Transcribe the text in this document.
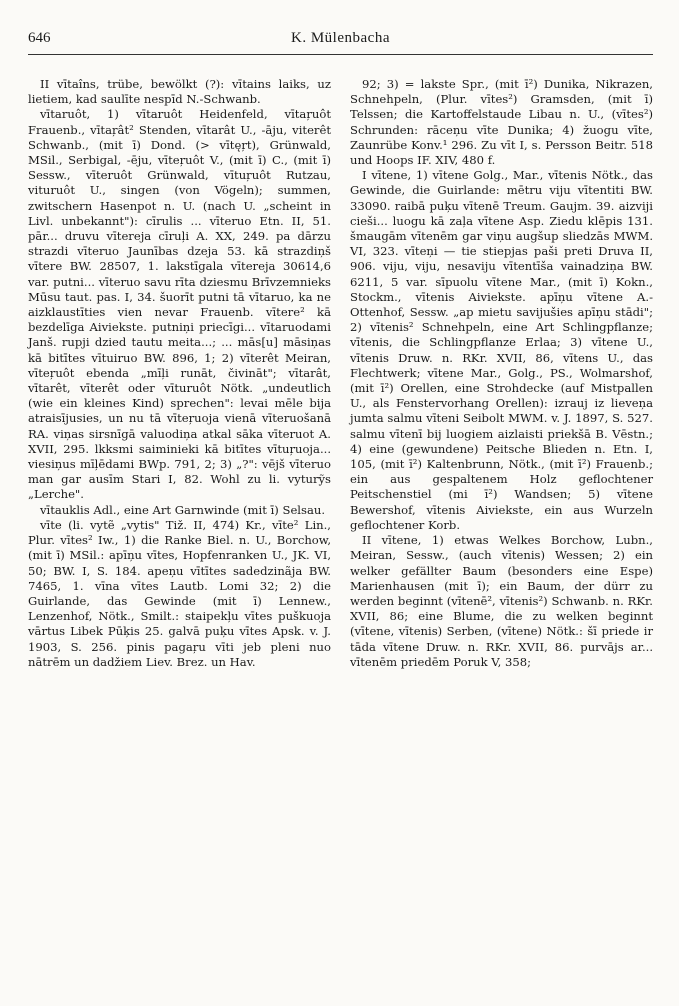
646	K. Mülenbacha

II vītaîns, trübe, bewölkt (?): vītains laiks, uz lietiem, kad saulīte nespīd N.-Schwanb.

vītaruôt, 1) vītaruôt Heidenfeld, vītaŗuôt Frauenb., vītaŗât² Stenden, vītarât U., -āju, viterêt Schwanb., (mit ī) Dond. (> vītęŗt), Grünwald, MSil., Serbigal, -ēju, vīteŗuôt V., (mit ī) C., (mit ī) Sessw., vīteruôt Grünwald, vītuŗuôt Rutzau, vituruôt U., singen (von Vögeln); summen, zwitschern Hasenpot n. U. (nach U. „scheint in Livl. unbekannt"): cīrulis ... vīteruo Etn. II, 51. pār... druvu vītereja cīruļi A. XX, 249. pa dārzu strazdi vīteruo Jaunības dzeja 53. kā strazdiņš vītere BW. 28507, 1. lakstīgala vītereja 30614,6 var. putni... vīteruo savu rīta dziesmu Brīvzemnieks Mūsu taut. pas. I, 34. šuorīt putni tā vītaruo, ka ne aizklaustīties vien nevar Frauenb. vītere² kā bezdelīga Aiviekste. putniņi priecīgi... vītaruodami Janš. rupji dzied tautu meita...; ... mās[u] māsiņas kā bitītes vītuiruo BW. 896, 1; 2) vīterêt Meiran, vīteŗuôt ebenda „mīļi runāt, čivināt"; vītarât, vītarêt, vīterêt oder vīturuôt Nötk. „undeutlich (wie ein kleines Kind) sprechen": levai mēle bija atraisījusies, un nu tā vīteŗuoja vienā vīteruošanā RA. viņas sirsnīgā valuodiņa atkal sāka vīteruot A. XVII, 295. lkksmi saiminieki kā bitītes vītuŗuoja... viesiņus mīļēdami BWp. 791, 2; 3) „?": vējš vīteruo man gar ausīm Stari I, 82. Wohl zu li. vyturỹs „Lerche".

vītauklis Adl., eine Art Garnwinde (mit ī) Selsau.

vīte (li. vytẽ „vytis" Tiž. II, 474) Kr., vīte² Lin., Plur. vītes² Iw., 1) die Ranke Biel. n. U., Borchow, (mit ī) MSil.: apīņu vītes, Hopfenranken U., JK. VI, 50; BW. I, S. 184. apeņu vītītes sadedzinãja BW. 7465, 1. vīna vītes Lautb. Lomi 32; 2) die Guirlande, das Gewinde (mit ī) Lennew., Lenzenhof, Nötk., Smilt.: staipekļu vītes puškuoja vārtus Libek Pūķis 25. galvā puķu vītes Apsk. v. J. 1903, S. 256. pinis pagaŗu vīti jeb pleni nuo nātrēm un dadžiem Liev. Brez. un Hav.

92; 3) = lakste Spr., (mit ī²) Dunika, Nikrazen, Schnehpeln, (Plur. vītes²) Gramsden, (mit ī) Telssen; die Kartoffelstaude Libau n. U., (vītes²) Schrunden: rāceņu vīte Dunika; 4) žuogu vīte, Zaunrübe Konv.¹ 296. Zu vīt I, s. Persson Beitr. 518 und Hoops IF. XIV, 480 f.

I vītene, 1) vītene Golg., Mar., vītenis Nötk., das Gewinde, die Guirlande: mētru viju vītentiti BW. 33090. raibā puķu vītenē Treum. Gaujm. 39. aizviji cieši... luogu kā zaļa vītene Asp. Ziedu klēpis 131. šmaugām vītenēm gar viņu augšup sliedzās MWM. VI, 323. vīteņi — tie stiepjas paši preti Druva II, 906. viju, viju, nesaviju vītentīša vainadziņa BW. 6211, 5 var. sīpuolu vītene Mar., (mit ī) Kokn., Stockm., vītenis Aiviekste. apīņu vītene A.-Ottenhof, Sessw. „ap mietu savijušies apīņu stādi"; 2) vītenis² Schnehpeln, eine Art Schlingpflanze; vītenis, die Schlingpflanze Erlaa; 3) vītene U., vītenis Druw. n. RKr. XVII, 86, vītens U., das Flechtwerk; vītene Mar., Golg., PS., Wolmarshof, (mit ī²) Orellen, eine Strohdecke (auf Mistpallen U., als Fenstervorhang Orellen): izrauj iz lieveņa jumta salmu vīteni Seibolt MWM. v. J. 1897, S. 527. salmu vītenī bij luogiem aizlaisti priekšā B. Vēstn.; 4) eine (gewundene) Peitsche Blieden n. Etn. I, 105, (mit ī²) Kaltenbrunn, Nötk., (mit ī²) Frauenb.; ein aus gespaltenem Holz geflochtener Peitschenstiel (mi ī²) Wandsen; 5) vītene Bewershof, vītenis Aiviekste, ein aus Wurzeln geflochtener Korb.

II vītene, 1) etwas Welkes Borchow, Lubn., Meiran, Sessw., (auch vītenis) Wessen; 2) ein welker gefällter Baum (besonders eine Espe) Marienhausen (mit ī); ein Baum, der dürr zu werden beginnt (vītenē², vītenis²) Schwanb. n. RKr. XVII, 86; eine Blume, die zu welken beginnt (vītene, vītenis) Serben, (vītene) Nötk.: šī priede ir tāda vītene Druw. n. RKr. XVII, 86. purvājs ar... vītenēm priedēm Poruk V, 358;
